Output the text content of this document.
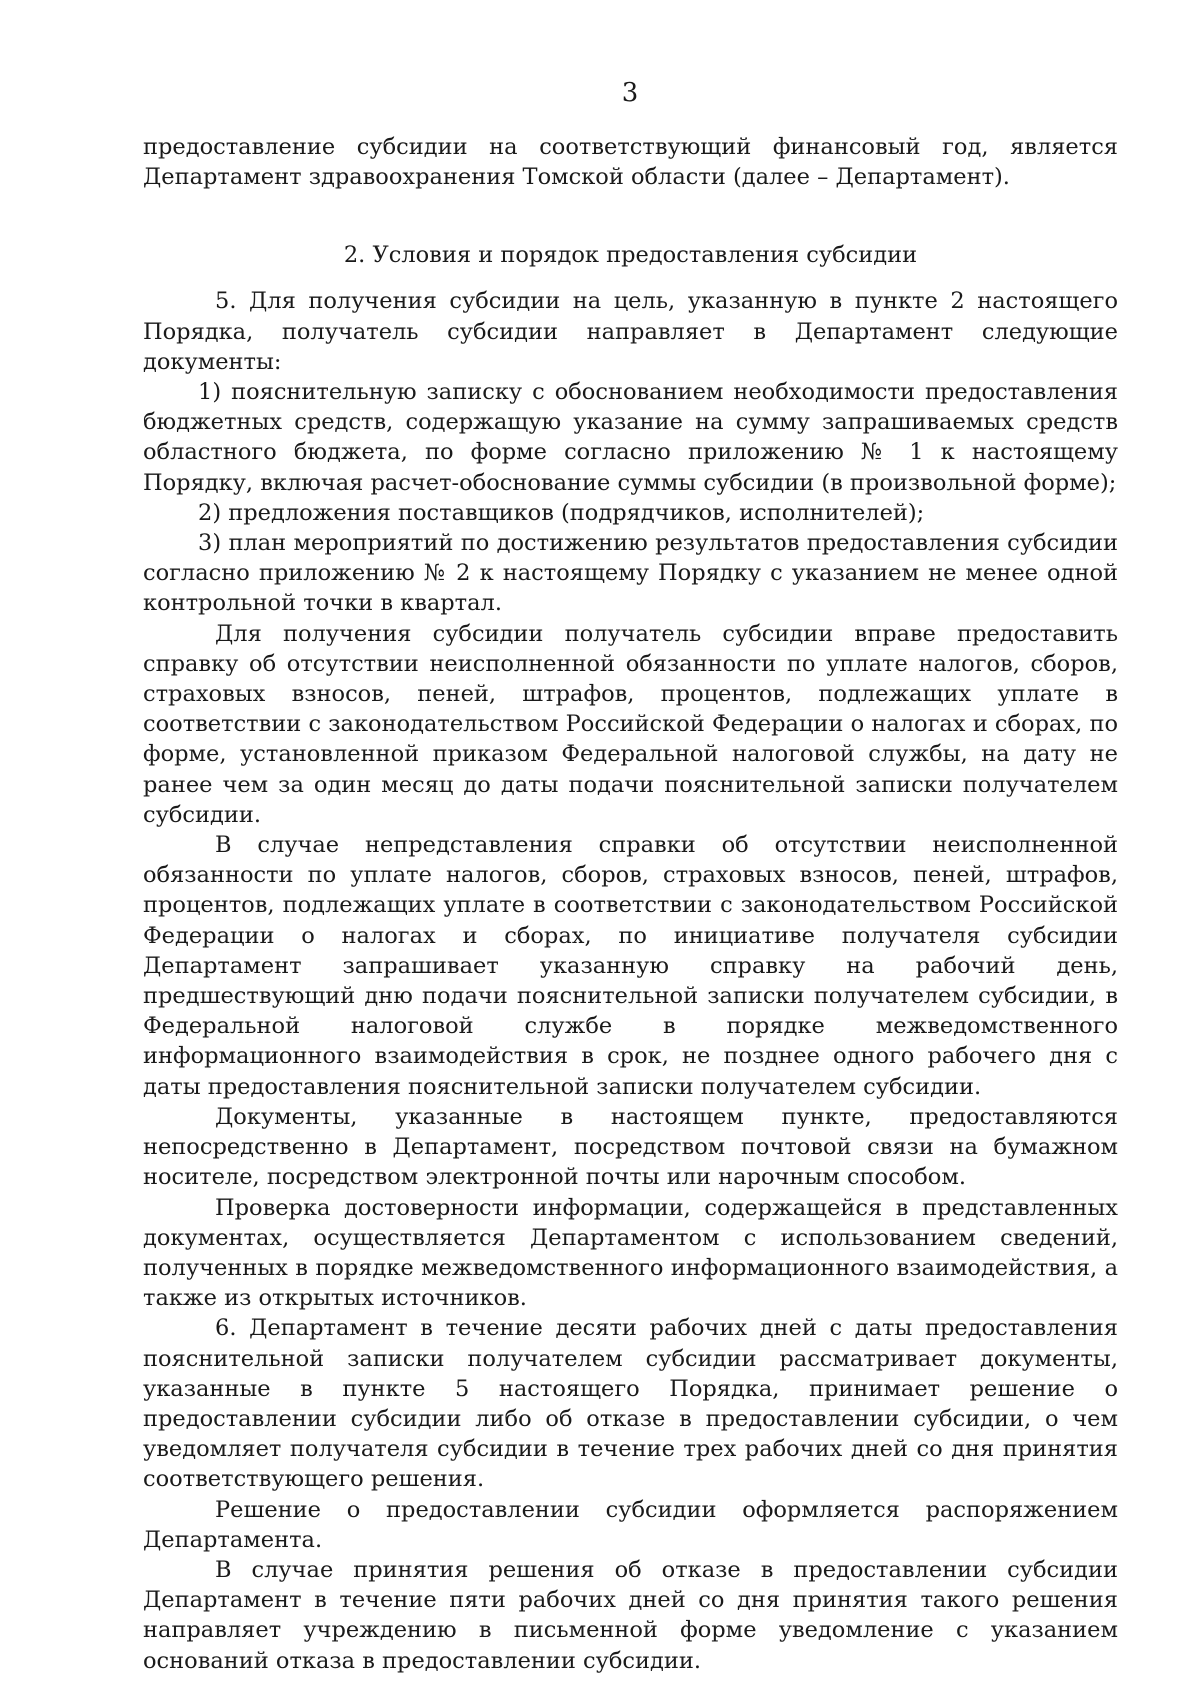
3

предоставление субсидии на соответствующий финансовый год, является Департамент здравоохранения Томской области (далее – Департамент).

2. Условия и порядок предоставления субсидии

5. Для получения субсидии на цель, указанную в пункте 2 настоящего Порядка, получатель субсидии направляет в Департамент следующие документы:

1) пояснительную записку с обоснованием необходимости предоставления бюджетных средств, содержащую указание на сумму запрашиваемых средств областного бюджета, по форме согласно приложению № 1 к настоящему Порядку, включая расчет-обоснование суммы субсидии (в произвольной форме);

2) предложения поставщиков (подрядчиков, исполнителей);

3) план мероприятий по достижению результатов предоставления субсидии согласно приложению № 2 к настоящему Порядку с указанием не менее одной контрольной точки в квартал.

Для получения субсидии получатель субсидии вправе предоставить справку об отсутствии неисполненной обязанности по уплате налогов, сборов, страховых взносов, пеней, штрафов, процентов, подлежащих уплате в соответствии с законодательством Российской Федерации о налогах и сборах, по форме, установленной приказом Федеральной налоговой службы, на дату не ранее чем за один месяц до даты подачи пояснительной записки получателем субсидии.

В случае непредставления справки об отсутствии неисполненной обязанности по уплате налогов, сборов, страховых взносов, пеней, штрафов, процентов, подлежащих уплате в соответствии с законодательством Российской Федерации о налогах и сборах, по инициативе получателя субсидии Департамент запрашивает указанную справку на рабочий день, предшествующий дню подачи пояснительной записки получателем субсидии, в Федеральной налоговой службе в порядке межведомственного информационного взаимодействия в срок, не позднее одного рабочего дня с даты предоставления пояснительной записки получателем субсидии.

Документы, указанные в настоящем пункте, предоставляются непосредственно в Департамент, посредством почтовой связи на бумажном носителе, посредством электронной почты или нарочным способом.

Проверка достоверности информации, содержащейся в представленных документах, осуществляется Департаментом с использованием сведений, полученных в порядке межведомственного информационного взаимодействия, а также из открытых источников.

6. Департамент в течение десяти рабочих дней с даты предоставления пояснительной записки получателем субсидии рассматривает документы, указанные в пункте 5 настоящего Порядка, принимает решение о предоставлении субсидии либо об отказе в предоставлении субсидии, о чем уведомляет получателя субсидии в течение трех рабочих дней со дня принятия соответствующего решения.

Решение о предоставлении субсидии оформляется распоряжением Департамента.

В случае принятия решения об отказе в предоставлении субсидии Департамент в течение пяти рабочих дней со дня принятия такого решения направляет учреждению в письменной форме уведомление с указанием оснований отказа в предоставлении субсидии.
